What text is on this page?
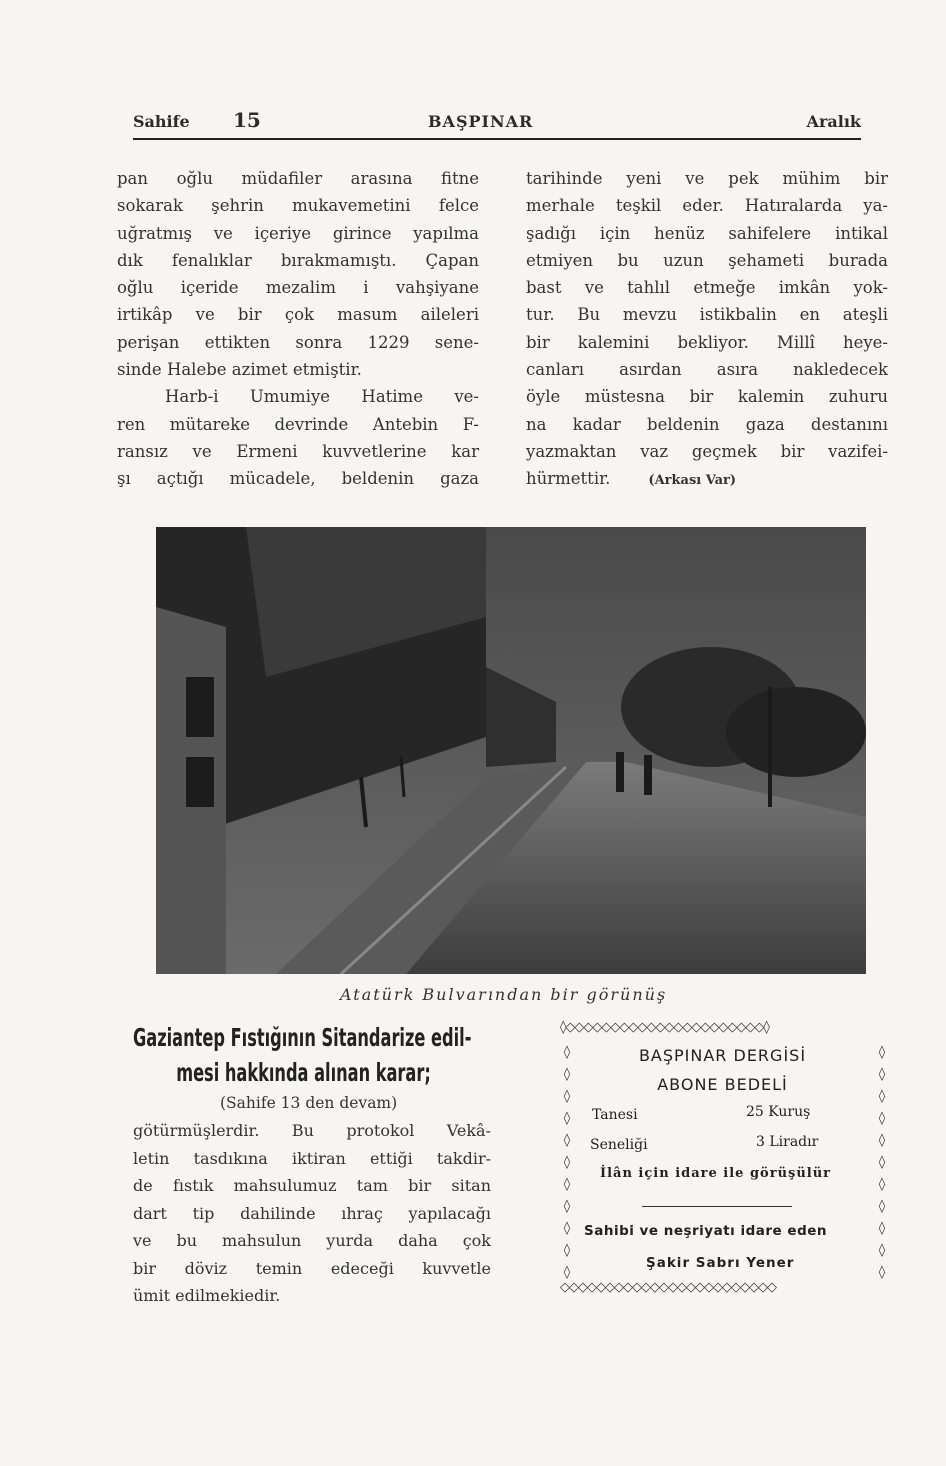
Sahife 15	BAŞPINAR	Aralık

pan oğlu müdafiler arasına fitne

sokarak şehrin mukavemetini felce

uğratmış ve içeriye girince yapılma

dık fenalıklar bırakmamıştı. Çapan

oğlu içeride mezalim i vahşiyane

irtikâp ve bir çok masum aileleri

perişan ettikten sonra 1229 sene-

sinde Halebe azimet etmiştir.

Harb-i Umumiye Hatime ve-

ren mütareke devrinde Antebin F-

ransız ve Ermeni kuvvetlerine kar

şı açtığı mücadele, beldenin gaza

tarihinde yeni ve pek mühim bir

merhale teşkil eder. Hatıralarda ya-

şadığı için henüz sahifelere intikal

etmiyen bu uzun şehameti burada

bast ve tahlıl etmeğe imkân yok-

tur. Bu mevzu istikbalin en ateşli

bir kalemini bekliyor. Millî heye-

canları asırdan asıra nakledecek

öyle müstesna bir kalemin zuhuru

na kadar beldenin gaza destanını

yazmaktan vaz geçmek bir vazifei-

hürmettir.	(Arkası Var)

Atatürk Bulvarından bir görünüş
Gaziantep Fıstığının Sitandarize edil-
mesi hakkında alınan karar;
(Sahife 13 den devam)

götürmüşlerdir. Bu protokol Vekâ-

letin tasdıkına iktiran ettiği takdir-

de fıstık mahsulumuz tam bir sitan

dart tip dahilinde ıhraç yapılacağı

ve bu mahsulun yurda daha çok

bir döviz temin edeceği kuvvetle

ümit edilmekiedir.

◊◇◇◇◇◇◇◇◇◇◇◇◇◇◇◇◇◇◇◇◇◇◇◊
◊
◊
◊
◊
◊
◊
◊
◊
◊
◊
◊
◊
◊
◊
◊
◊
◊
◊
◊
◊
◊
◊
BAŞPINAR DERGİSİ
ABONE BEDELİ
Tanesi	25 Kuruş
Seneliği	3 Liradır
İlân için idare ile görüşülür
Sahibi ve neşriyatı idare eden
Şakir Sabrı Yener
◇◇◇◇◇◇◇◇◇◇◇◇◇◇◇◇◇◇◇◇◇◇◇◇
